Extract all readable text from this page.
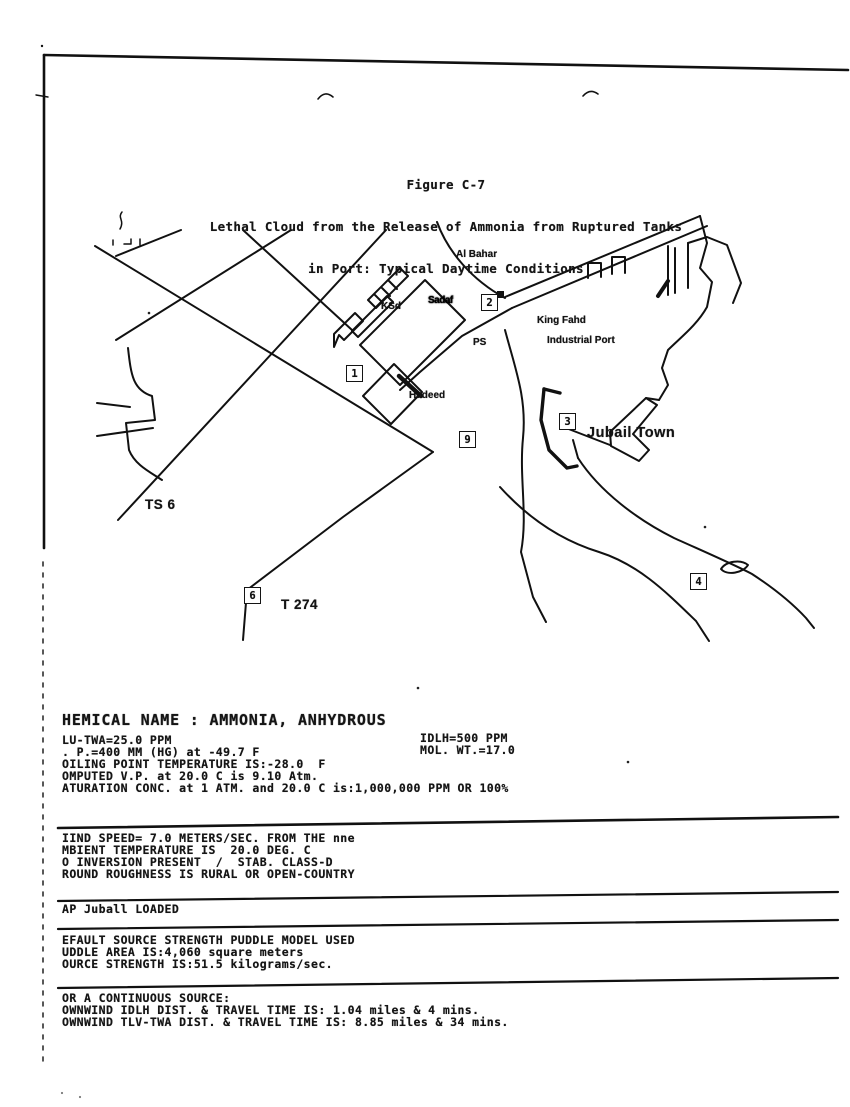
Figure C-7

Lethal Cloud from the Release of Ammonia from Ruptured Tanks

in Port: Typical Daytime Conditions

Al Bahar
KSd
Sadaf
PS
King Fahd
Industrial Port
Hadeed
Jubail Town
TS 6
T 274
1
2
3
4
6
9
HEMICAL NAME : AMMONIA, ANHYDROUS
LU-TWA=25.0 PPM
. P.=400 MM (HG) at -49.7 F
OILING POINT TEMPERATURE IS:-28.0  F
OMPUTED V.P. at 20.0 C is 9.10 Atm.
ATURATION CONC. at 1 ATM. and 20.0 C is:1,000,000 PPM OR 100%
IDLH=500 PPM
MOL. WT.=17.0
IIND SPEED= 7.0 METERS/SEC. FROM THE nne
MBIENT TEMPERATURE IS  20.0 DEG. C
O INVERSION PRESENT  /  STAB. CLASS-D
ROUND ROUGHNESS IS RURAL OR OPEN-COUNTRY
AP Juball LOADED
EFAULT SOURCE STRENGTH PUDDLE MODEL USED
UDDLE AREA IS:4,060 square meters
OURCE STRENGTH IS:51.5 kilograms/sec.
OR A CONTINUOUS SOURCE:
OWNWIND IDLH DIST. & TRAVEL TIME IS: 1.04 miles & 4 mins.
OWNWIND TLV-TWA DIST. & TRAVEL TIME IS: 8.85 miles & 34 mins.
